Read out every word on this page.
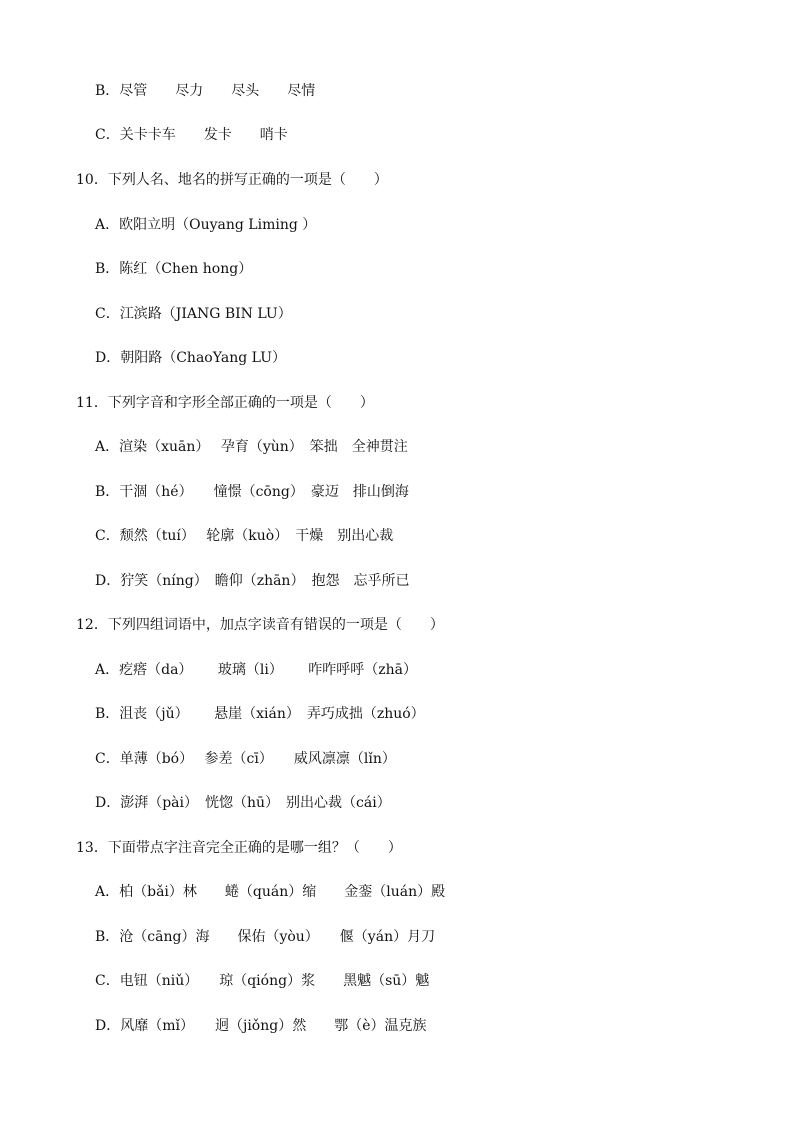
B．尽管　　尽力　　尽头　　尽情
C．关卡卡车　　发卡　　哨卡
10．下列人名、地名的拼写正确的一项是（　　）
A．欧阳立明（Ouyang Liming ）
B．陈红（Chen hong）
C．江滨路（JIANG BIN LU）
D．朝阳路（ChaoYang LU）
11．下列字音和字形全部正确的一项是（　　）
A．渲染（xuān）　 孕育（yùn）　笨拙　全神贯注
B．干涸（hé）　　憧憬（cōng）　豪迈　排山倒海
C．颓然（tuí）　 轮廓（kuò）　干燥　别出心裁
D．狞笑（níng）　瞻仰（zhān）　抱怨　忘乎所已
12．下列四组词语中，加点字读音有错误的一项是（　　）
A．疙瘩（da）　　 玻璃（li）　　 咋咋呼呼（zhā）
B．沮丧（jǔ）　　 悬崖（xián）　弄巧成拙（zhuó）
C．单薄（bó）　 参差（cī）　　威风凛凛（lǐn）
D．澎湃（pài）　恍惚（hū）　别出心裁（cái）
13．下面带点字注音完全正确的是哪一组？（　　）
A．柏（bǎi）林　　蜷（quán）缩　　金銮（luán）殿
B．沧（cāng）海　　保佑（yòu）　　偃（yán）月刀
C．电钮（niǔ）　　琼（qióng）浆　　黑魆（sū）魆
D．风靡（mǐ）　　迥（jiǒng）然　　鄂（è）温克族
